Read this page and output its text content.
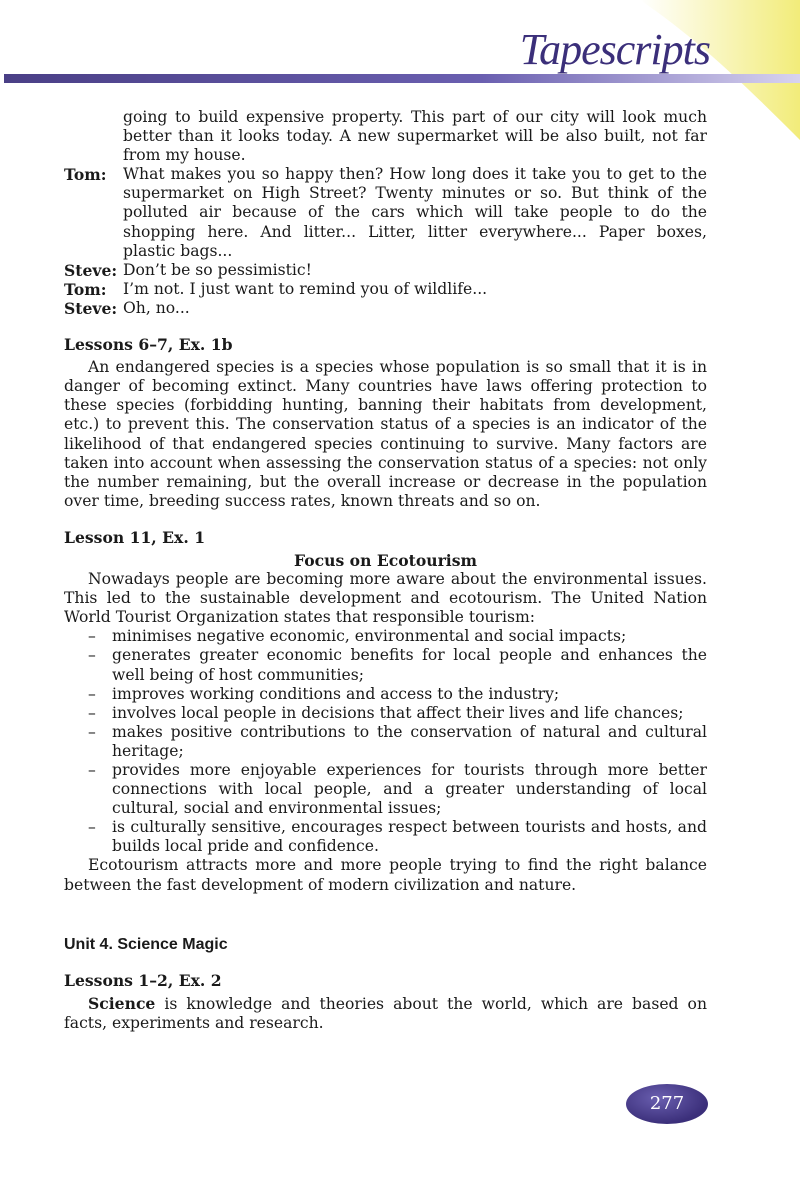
Tapescripts
going to build expensive property. This part of our city will look much better than it looks today. A new supermarket will be also built, not far from my house.
Tom:	What makes you so happy then? How long does it take you to get to the supermarket on High Street? Twenty minutes or so. But think of the polluted air because of the cars which will take people to do the shopping here. And litter... Litter, litter everywhere... Paper boxes, plastic bags...
Steve: Don’t be so pessimistic!
Tom:	I’m not. I just want to remind you of wildlife...
Steve: Oh, no...
Lessons 6–7, Ex. 1b

An endangered species is a species whose population is so small that it is in danger of becoming extinct. Many countries have laws offering protection to these species (forbidding hunting, banning their habitats from development, etc.) to prevent this. The conservation status of a species is an indicator of the likelihood of that endangered species continuing to survive. Many factors are taken into account when assessing the conservation status of a species: not only the number remaining, but the overall increase or decrease in the population over time, breeding success rates, known threats and so on.

Lesson 11, Ex. 1
Focus on Ecotourism

Nowadays people are becoming more aware about the environmental issues. This led to the sustainable development and ecotourism. The United Nation World Tourist Organization states that responsible tourism:

–	minimises negative economic, environmental and social impacts;
–	generates greater economic benefits for local people and enhances the well being of host communities;
–	improves working conditions and access to the industry;
–	involves local people in decisions that affect their lives and life chances;
–	makes positive contributions to the conservation of natural and cultural heritage;
–	provides more enjoyable experiences for tourists through more better connections with local people, and a greater understanding of local cultural, social and environmental issues;
–	is culturally sensitive, encourages respect between tourists and hosts, and builds local pride and confidence.

Ecotourism attracts more and more people trying to find the right balance between the fast development of modern civilization and nature.

Unit 4. Science Magic
Lessons 1–2, Ex. 2

Science is knowledge and theories about the world, which are based on facts, experiments and research.

277
